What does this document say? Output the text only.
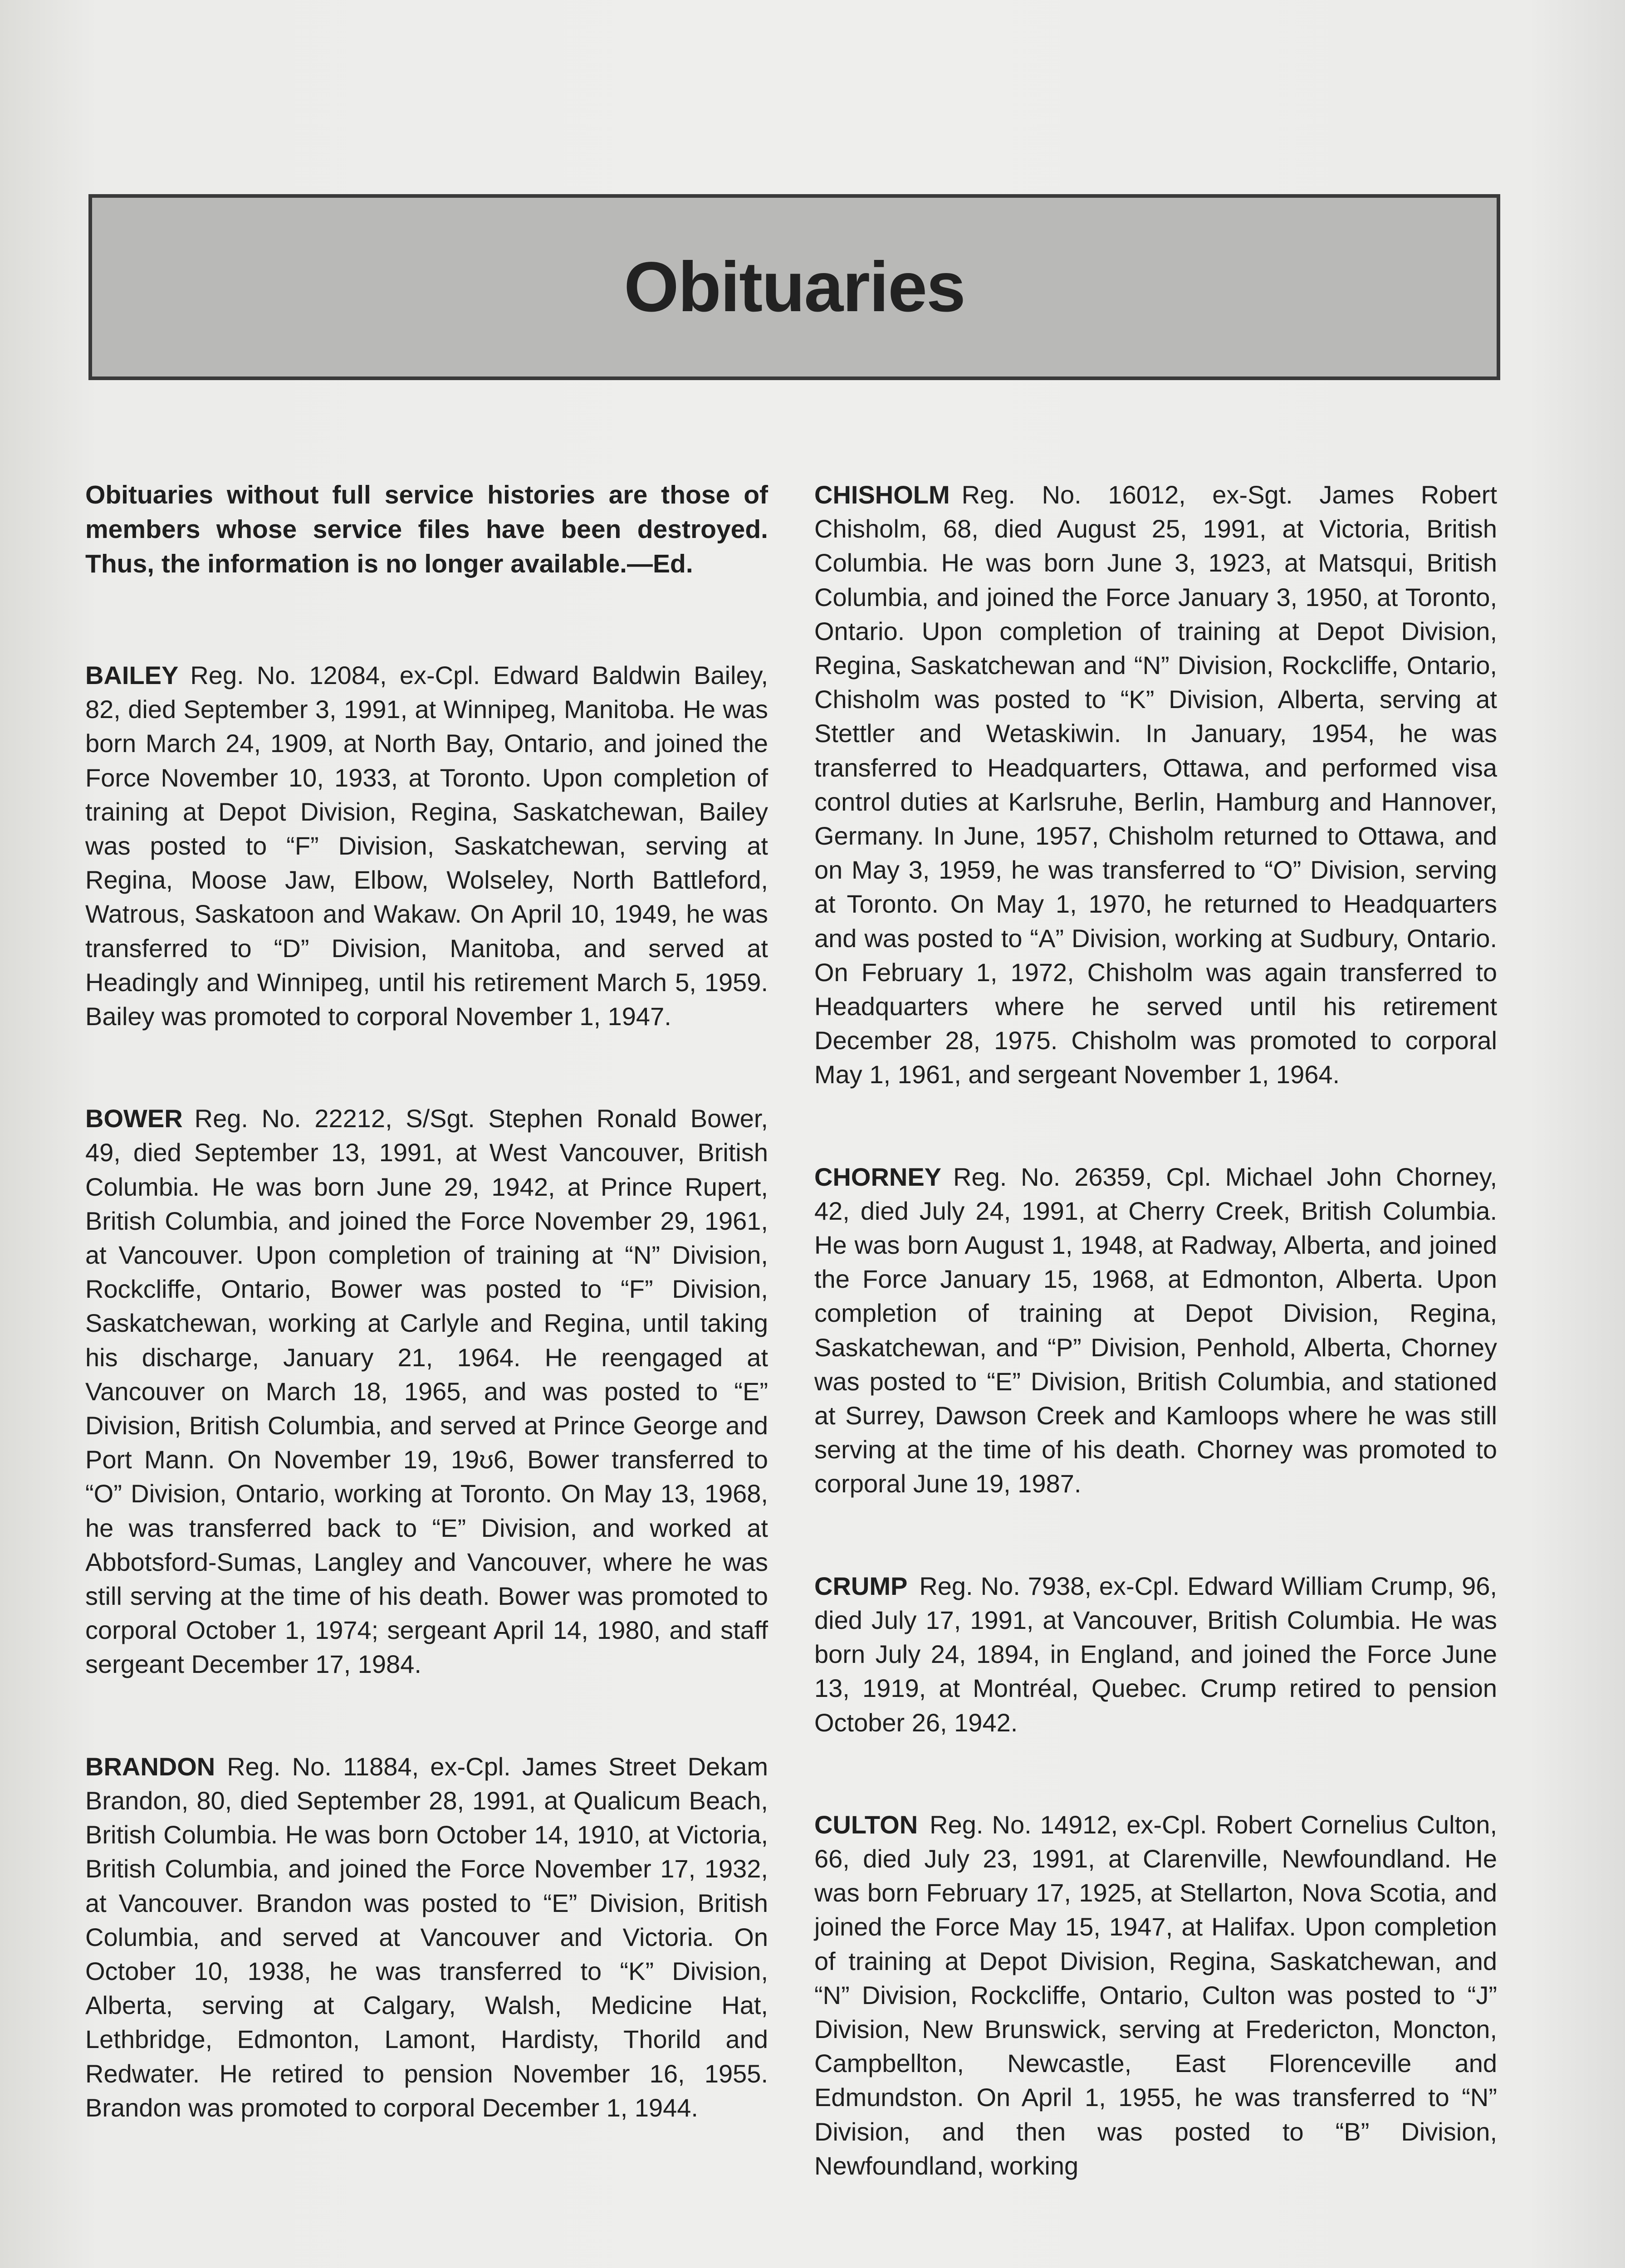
Obituaries

Obituaries without full service histories are those of members whose service files have been destroyed. Thus, the information is no longer available.—Ed.

BAILEY Reg. No. 12084, ex-Cpl. Edward Baldwin Bailey, 82, died September 3, 1991, at Winnipeg, Manitoba. He was born March 24, 1909, at North Bay, Ontario, and joined the Force November 10, 1933, at Toronto. Upon completion of training at Depot Division, Regina, Saskatchewan, Bailey was posted to “F” Division, Saskatchewan, serving at Regina, Moose Jaw, Elbow, Wolseley, North Battleford, Watrous, Saskatoon and Wakaw. On April 10, 1949, he was transferred to “D” Division, Manitoba, and served at Headingly and Winnipeg, until his retirement March 5, 1959. Bailey was promoted to corporal November 1, 1947.

BOWER Reg. No. 22212, S/Sgt. Stephen Ronald Bower, 49, died September 13, 1991, at West Vancouver, British Columbia. He was born June 29, 1942, at Prince Rupert, British Columbia, and joined the Force November 29, 1961, at Vancouver. Upon completion of training at “N” Division, Rockcliffe, Ontario, Bower was posted to “F” Division, Saskatchewan, working at Carlyle and Regina, until taking his discharge, January 21, 1964. He reengaged at Vancouver on March 18, 1965, and was posted to “E” Division, British Columbia, and served at Prince George and Port Mann. On November 19, 19ʊ6, Bower transferred to “O” Division, Ontario, working at Toronto. On May 13, 1968, he was transferred back to “E” Division, and worked at Abbotsford-Sumas, Langley and Vancouver, where he was still serving at the time of his death. Bower was promoted to corporal October 1, 1974; sergeant April 14, 1980, and staff sergeant December 17, 1984.

BRANDON Reg. No. 11884, ex-Cpl. James Street Dekam Brandon, 80, died September 28, 1991, at Qualicum Beach, British Columbia. He was born October 14, 1910, at Victoria, British Columbia, and joined the Force November 17, 1932, at Vancouver. Brandon was posted to “E” Division, British Columbia, and served at Vancouver and Victoria. On October 10, 1938, he was transferred to “K” Division, Alberta, serving at Calgary, Walsh, Medicine Hat, Lethbridge, Edmonton, Lamont, Hardisty, Thorild and Redwater. He retired to pension November 16, 1955. Brandon was promoted to corporal December 1, 1944.

CHISHOLM Reg. No. 16012, ex-Sgt. James Robert Chisholm, 68, died August 25, 1991, at Victoria, British Columbia. He was born June 3, 1923, at Matsqui, British Columbia, and joined the Force January 3, 1950, at Toronto, Ontario. Upon completion of training at Depot Division, Regina, Saskatchewan and “N” Division, Rockcliffe, Ontario, Chisholm was posted to “K” Division, Alberta, serving at Stettler and Wetaskiwin. In January, 1954, he was transferred to Headquarters, Ottawa, and performed visa control duties at Karlsruhe, Berlin, Hamburg and Hannover, Germany. In June, 1957, Chisholm returned to Ottawa, and on May 3, 1959, he was transferred to “O” Division, serving at Toronto. On May 1, 1970, he returned to Headquarters and was posted to “A” Division, working at Sudbury, Ontario. On February 1, 1972, Chisholm was again transferred to Headquarters where he served until his retirement December 28, 1975. Chisholm was promoted to corporal May 1, 1961, and sergeant November 1, 1964.

CHORNEY Reg. No. 26359, Cpl. Michael John Chorney, 42, died July 24, 1991, at Cherry Creek, British Columbia. He was born August 1, 1948, at Radway, Alberta, and joined the Force January 15, 1968, at Edmonton, Alberta. Upon completion of training at Depot Division, Regina, Saskatchewan, and “P” Division, Penhold, Alberta, Chorney was posted to “E” Division, British Columbia, and stationed at Surrey, Dawson Creek and Kamloops where he was still serving at the time of his death. Chorney was promoted to corporal June 19, 1987.

CRUMP Reg. No. 7938, ex-Cpl. Edward William Crump, 96, died July 17, 1991, at Vancouver, British Columbia. He was born July 24, 1894, in England, and joined the Force June 13, 1919, at Montréal, Quebec. Crump retired to pension October 26, 1942.

CULTON Reg. No. 14912, ex-Cpl. Robert Cornelius Culton, 66, died July 23, 1991, at Clarenville, Newfoundland. He was born February 17, 1925, at Stellarton, Nova Scotia, and joined the Force May 15, 1947, at Halifax. Upon completion of training at Depot Division, Regina, Saskatchewan, and “N” Division, Rockcliffe, Ontario, Culton was posted to “J” Division, New Brunswick, serving at Fredericton, Moncton, Campbellton, Newcastle, East Florenceville and Edmundston. On April 1, 1955, he was transferred to “N” Division, and then was posted to “B” Division, Newfoundland, working
